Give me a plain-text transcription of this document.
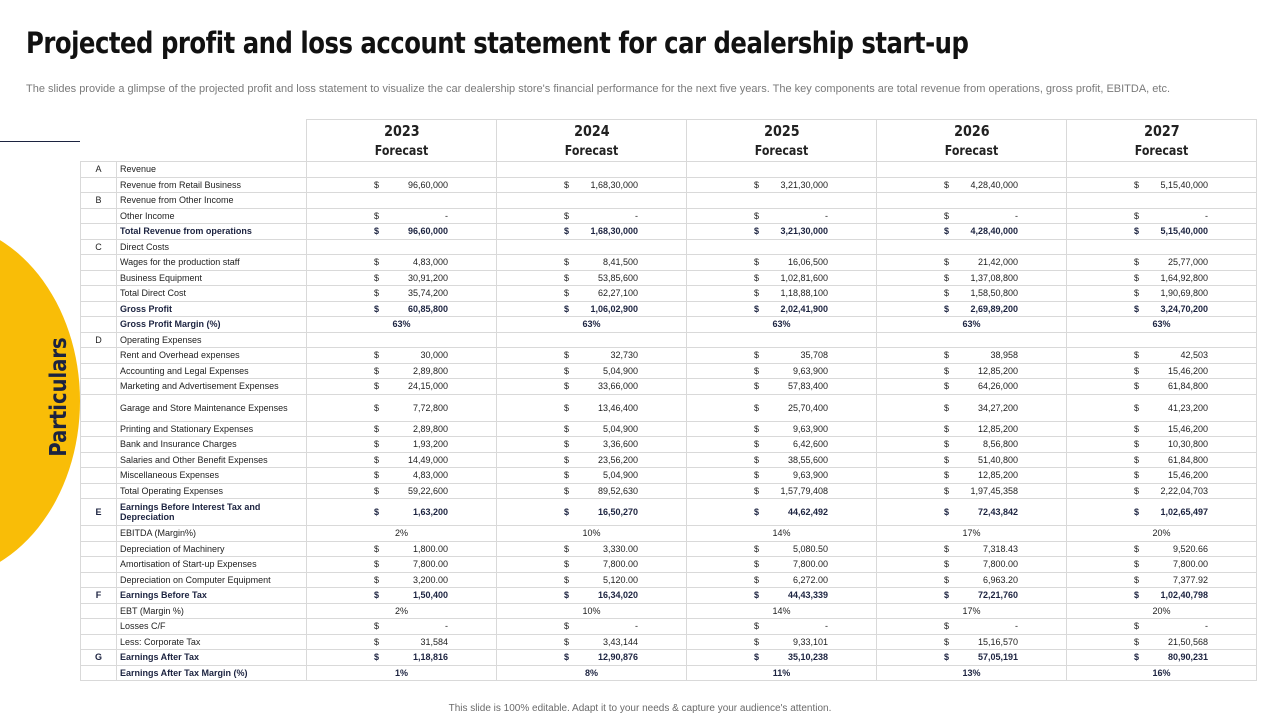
Projected profit and loss account statement for car dealership start-up
The slides provide a glimpse of the projected profit and loss statement to visualize the car dealership store's financial performance for the next five years. The key components are total revenue from operations, gross profit, EBITDA, etc.
Particulars
		2023	2024	2025	2026	2027
		Forecast	Forecast	Forecast	Forecast	Forecast
A	Revenue					
	Revenue from Retail Business	$ 96,60,000	$ 1,68,30,000	$ 3,21,30,000	$ 4,28,40,000	$ 5,15,40,000

B	Revenue from Other Income					
	Other Income	$ -	$ -	$ -	$ -	$ -

	Total Revenue from operations	$ 96,60,000	$ 1,68,30,000	$ 3,21,30,000	$ 4,28,40,000	$ 5,15,40,000

C	Direct Costs					
	Wages for the production staff	$ 4,83,000	$ 8,41,500	$ 16,06,500	$ 21,42,000	$ 25,77,000

	Business Equipment	$ 30,91,200	$ 53,85,600	$ 1,02,81,600	$ 1,37,08,800	$ 1,64,92,800

	Total Direct Cost	$ 35,74,200	$ 62,27,100	$ 1,18,88,100	$ 1,58,50,800	$ 1,90,69,800

	Gross Profit	$ 60,85,800	$ 1,06,02,900	$ 2,02,41,900	$ 2,69,89,200	$ 3,24,70,200

	Gross Profit Margin (%)	63%	63%	63%	63%	63%
D	Operating Expenses					
	Rent and Overhead expenses	$ 30,000	$ 32,730	$ 35,708	$ 38,958	$ 42,503

	Accounting and Legal Expenses	$ 2,89,800	$ 5,04,900	$ 9,63,900	$ 12,85,200	$ 15,46,200

	Marketing and Advertisement Expenses	$ 24,15,000	$ 33,66,000	$ 57,83,400	$ 64,26,000	$ 61,84,800

	Garage and Store Maintenance Expenses	$ 7,72,800	$ 13,46,400	$ 25,70,400	$ 34,27,200	$ 41,23,200

	Printing and Stationary Expenses	$ 2,89,800	$ 5,04,900	$ 9,63,900	$ 12,85,200	$ 15,46,200

	Bank and Insurance Charges	$ 1,93,200	$ 3,36,600	$ 6,42,600	$ 8,56,800	$ 10,30,800

	Salaries and Other Benefit Expenses	$ 14,49,000	$ 23,56,200	$ 38,55,600	$ 51,40,800	$ 61,84,800

	Miscellaneous Expenses	$ 4,83,000	$ 5,04,900	$ 9,63,900	$ 12,85,200	$ 15,46,200

	Total Operating Expenses	$ 59,22,600	$ 89,52,630	$ 1,57,79,408	$ 1,97,45,358	$ 2,22,04,703

E	Earnings Before Interest Tax and Depreciation	$ 1,63,200	$ 16,50,270	$ 44,62,492	$ 72,43,842	$ 1,02,65,497

	EBITDA (Margin%)	2%	10%	14%	17%	20%
	Depreciation of Machinery	$ 1,800.00	$ 3,330.00	$ 5,080.50	$ 7,318.43	$ 9,520.66

	Amortisation of Start-up Expenses	$ 7,800.00	$ 7,800.00	$ 7,800.00	$ 7,800.00	$ 7,800.00

	Depreciation on Computer Equipment	$ 3,200.00	$ 5,120.00	$ 6,272.00	$ 6,963.20	$ 7,377.92

F	Earnings Before Tax	$ 1,50,400	$ 16,34,020	$ 44,43,339	$ 72,21,760	$ 1,02,40,798

	EBT (Margin %)	2%	10%	14%	17%	20%
	Losses C/F	$ -	$ -	$ -	$ -	$ -

	Less: Corporate Tax	$ 31,584	$ 3,43,144	$ 9,33,101	$ 15,16,570	$ 21,50,568

G	Earnings After Tax	$ 1,18,816	$ 12,90,876	$ 35,10,238	$ 57,05,191	$ 80,90,231

	Earnings After Tax Margin (%)	1%	8%	11%	13%	16%
This slide is 100% editable. Adapt it to your needs & capture your audience's attention.
